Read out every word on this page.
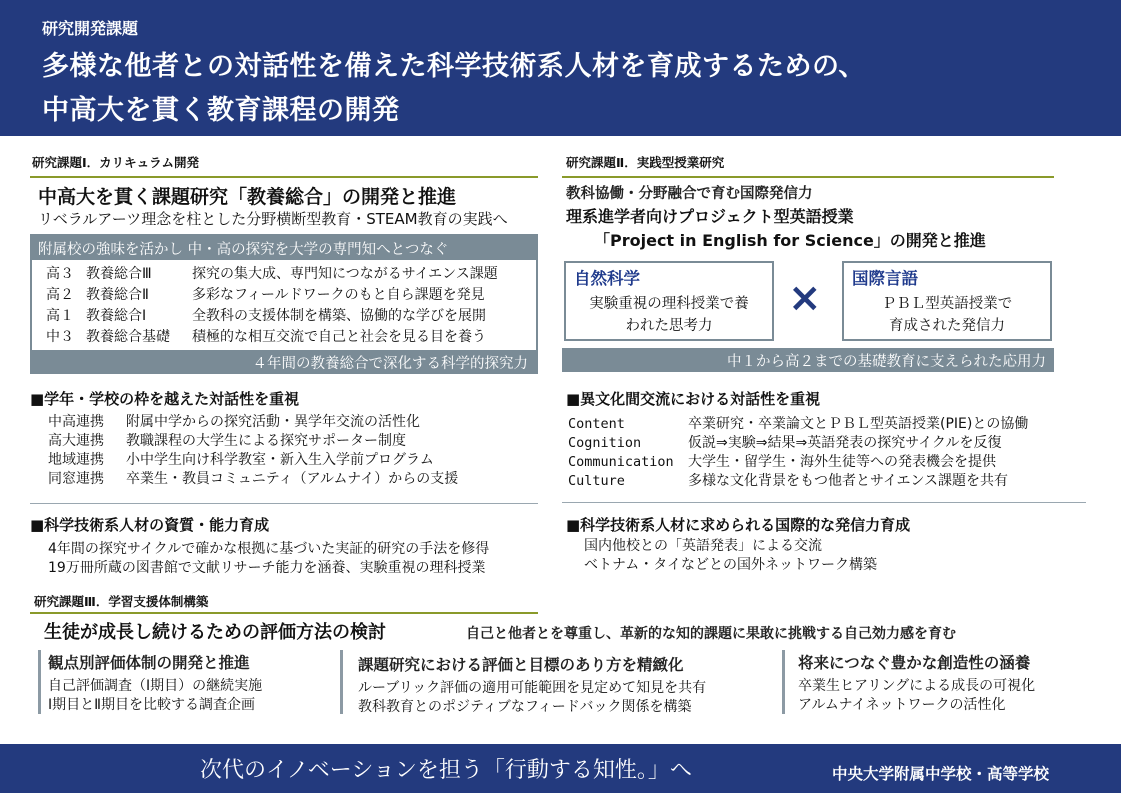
研究開発課題
多様な他者との対話性を備えた科学技術系人材を育成するための、
中高大を貫く教育課程の開発
研究課題Ⅰ．カリキュラム開発
中高大を貫く課題研究「教養総合」の開発と推進
リベラルアーツ理念を柱とした分野横断型教育・STEAM教育の実践へ
附属校の強味を活かし 中・高の探究を大学の専門知へとつなぐ
高３ 教養総合Ⅲ	探究の集大成、専門知につながるサイエンス課題
高２ 教養総合Ⅱ	多彩なフィールドワークのもと自ら課題を発見
高１ 教養総合Ⅰ	全教科の支援体制を構築、協働的な学びを展開
中３ 教養総合基礎 積極的な相互交流で自己と社会を見る目を養う
４年間の教養総合で深化する科学的探究力
■学年・学校の枠を越えた対話性を重視
中高連携 附属中学からの探究活動・異学年交流の活性化
高大連携 教職課程の大学生による探究サポーター制度
地域連携 小中学生向け科学教室・新入生入学前プログラム
同窓連携 卒業生・教員コミュニティ（アルムナイ）からの支援
■科学技術系人材の資質・能力育成
4年間の探究サイクルで確かな根拠に基づいた実証的研究の手法を修得
19万冊所蔵の図書館で文献リサーチ能力を涵養、実験重視の理科授業
研究課題Ⅱ．実践型授業研究
教科協働・分野融合で育む国際発信力
理系進学者向けプロジェクト型英語授業
「Project in English for Science」の開発と推進
自然科学
実験重視の理科授業で養
われた思考力
× 国際言語
ＰＢＬ型英語授業で
育成された発信力
中１から高２までの基礎教育に支えられた応用力
■異文化間交流における対話性を重視
Content	卒業研究・卒業論文とＰＢＬ型英語授業(PIE)との協働
Cognition	仮説⇒実験⇒結果⇒英語発表の探究サイクルを反復
Communication 大学生・留学生・海外生徒等への発表機会を提供
Culture	多様な文化背景をもつ他者とサイエンス課題を共有
■科学技術系人材に求められる国際的な発信力育成
国内他校との「英語発表」による交流
ベトナム・タイなどとの国外ネットワーク構築
研究課題Ⅲ．学習支援体制構築
生徒が成長し続けるための評価方法の検討	自己と他者とを尊重し、革新的な知的課題に果敢に挑戦する自己効力感を育む
観点別評価体制の開発と推進
自己評価調査（Ⅰ期目）の継続実施
Ⅰ期目とⅡ期目を比較する調査企画
課題研究における評価と目標のあり方を精緻化
ルーブリック評価の適用可能範囲を見定めて知見を共有
教科教育とのポジティブなフィードバック関係を構築
将来につなぐ豊かな創造性の涵養
卒業生ヒアリングによる成長の可視化
アルムナイネットワークの活性化
次代のイノベーションを担う「行動する知性。」へ	中央大学附属中学校・高等学校
